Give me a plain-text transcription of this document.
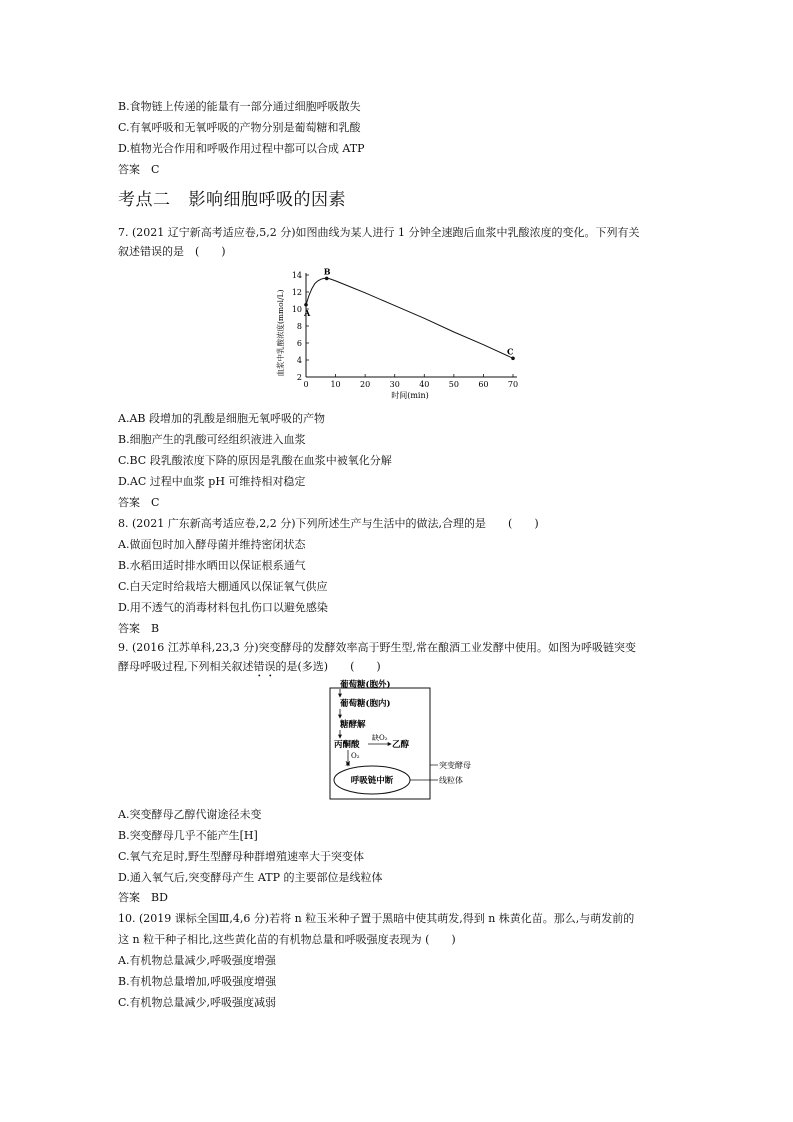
B.食物链上传递的能量有一部分通过细胞呼吸散失
C.有氧呼吸和无氧呼吸的产物分别是葡萄糖和乳酸
D.植物光合作用和呼吸作用过程中都可以合成 ATP
答案　C
考点二 影响细胞呼吸的因素
7. (2021 辽宁新高考适应卷,5,2 分)如图曲线为某人进行 1 分钟全速跑后血浆中乳酸浓度的变化。下列有关
叙述错误的是　(　　)
0	10 20 30 40 50 60 70
2
4
6
8
10
12
14
A
B
C
时间(min)
血浆中乳酸浓度(mmol/L)
A.AB 段增加的乳酸是细胞无氧呼吸的产物
B.细胞产生的乳酸可经组织液进入血浆
C.BC 段乳酸浓度下降的原因是乳酸在血浆中被氧化分解
D.AC 过程中血浆 pH 可维持相对稳定
答案　C
8. (2021 广东新高考适应卷,2,2 分)下列所述生产与生活中的做法,合理的是　　(　　)
A.做面包时加入酵母菌并维持密闭状态
B.水稻田适时排水晒田以保证根系通气
C.白天定时给栽培大棚通风以保证氧气供应
D.用不透气的消毒材料包扎伤口以避免感染
答案　B
9. (2016 江苏单科,23,3 分)突变酵母的发酵效率高于野生型,常在酿酒工业发酵中使用。如图为呼吸链突变
酵母呼吸过程,下列相关叙述错误的是(多选)　　(　　)
葡萄糖(胞外)
葡萄糖(胞内)
糖酵解
丙酮酸
缺O₂
乙醇
O₂
×
呼吸链中断
突变酵母
线粒体
A.突变酵母乙醇代谢途径未变
B.突变酵母几乎不能产生[H]
C.氧气充足时,野生型酵母种群增殖速率大于突变体
D.通入氧气后,突变酵母产生 ATP 的主要部位是线粒体
答案　BD
10. (2019 课标全国Ⅲ,4,6 分)若将 n 粒玉米种子置于黑暗中使其萌发,得到 n 株黄化苗。那么,与萌发前的
这 n 粒干种子相比,这些黄化苗的有机物总量和呼吸强度表现为 (　　)
A.有机物总量减少,呼吸强度增强
B.有机物总量增加,呼吸强度增强
C.有机物总量减少,呼吸强度减弱
